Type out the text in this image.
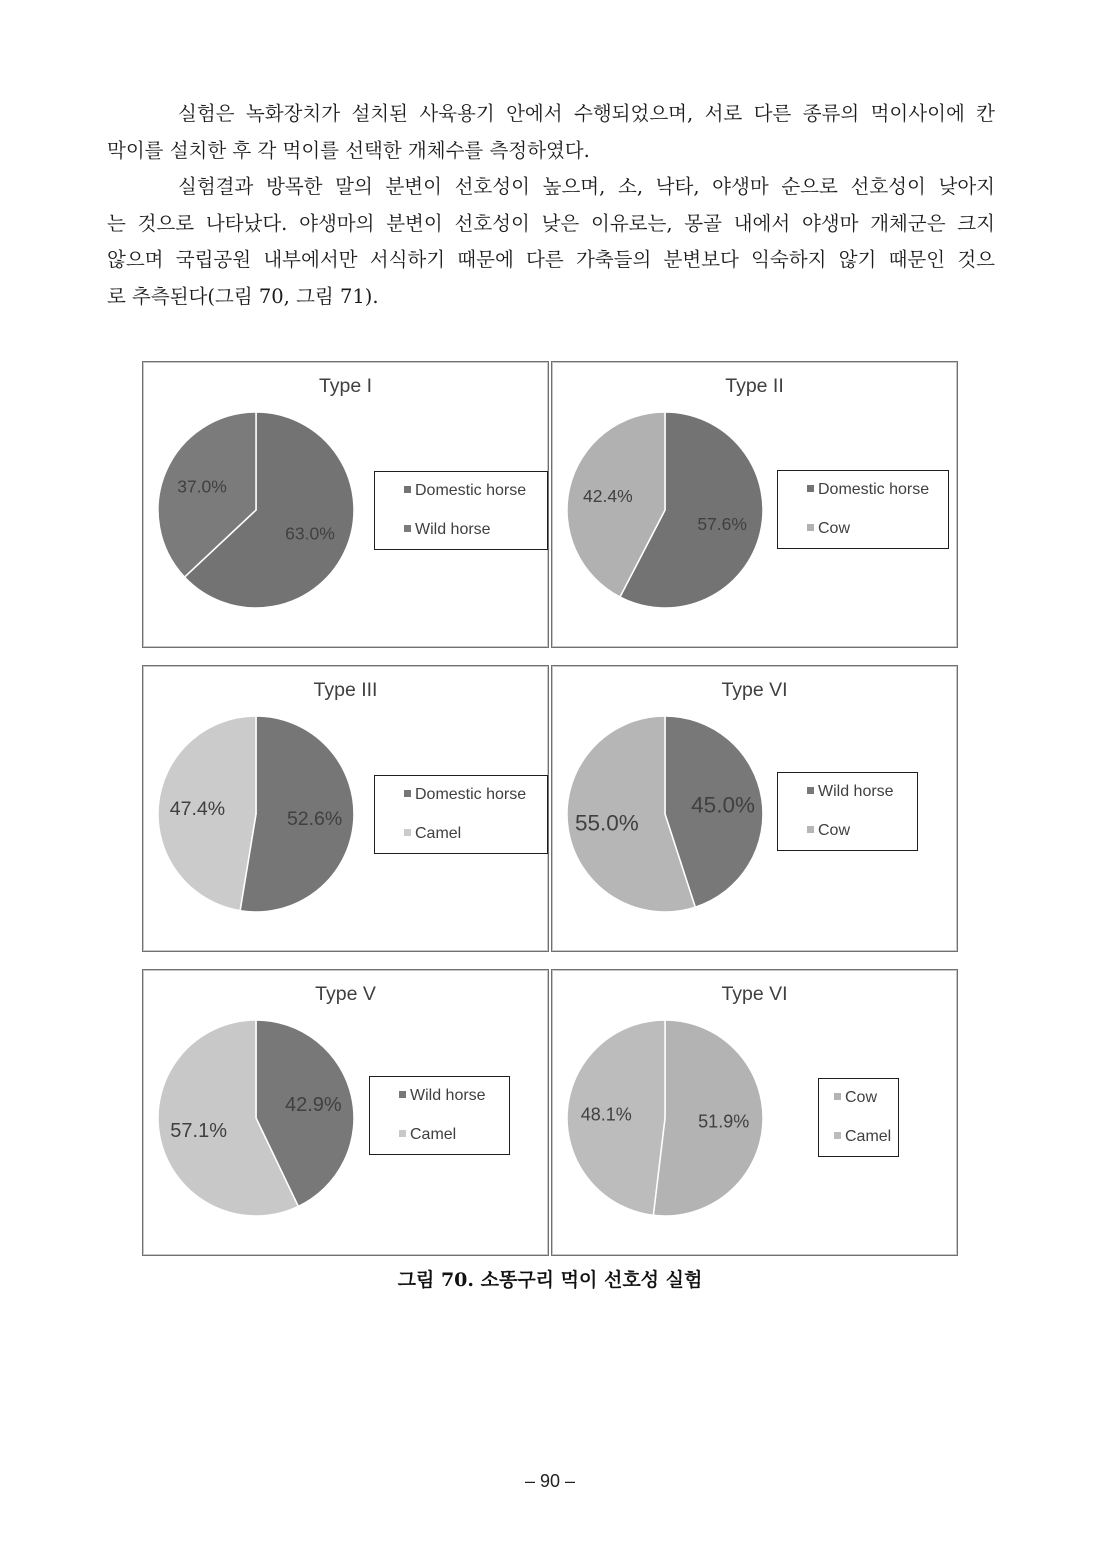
실험은 녹화장치가 설치된 사육용기 안에서 수행되었으며, 서로 다른 종류의 먹이사이에 칸
막이를 설치한 후 각 먹이를 선택한 개체수를 측정하였다.
실험결과 방목한 말의 분변이 선호성이 높으며, 소, 낙타, 야생마 순으로 선호성이 낮아지
는 것으로 나타났다. 야생마의 분변이 선호성이 낮은 이유로는, 몽골 내에서 야생마 개체군은 크지
않으며 국립공원 내부에서만 서식하기 때문에 다른 가축들의 분변보다 익숙하지 않기 때문인 것으
로 추측된다(그림 70, 그림 71).
Type I
63.0%
37.0%	Domestic horse
Wild horse
Type II
57.6%
42.4%	Domestic horse
Cow
Type III
52.6%
47.4%
Domestic horse
Camel
Type VI
45.0%
55.0%
Wild horse
Cow
Type V
42.9%
57.1%
Wild horse
Camel
Type VI
51.9%
48.1%
Cow
Camel
그림 70. 소똥구리 먹이 선호성 실험
– 90 –
